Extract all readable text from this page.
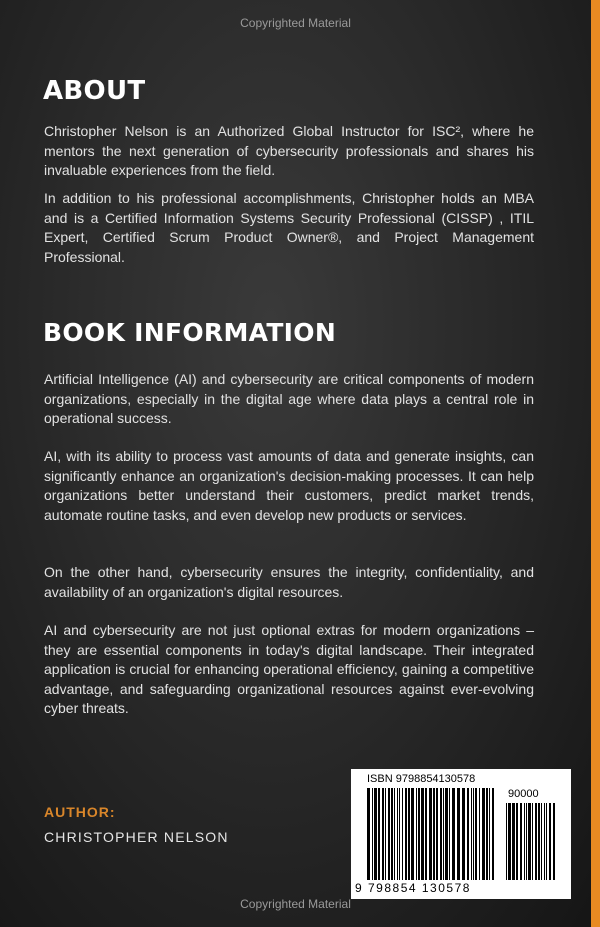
Copyrighted Material
ABOUT

Christopher Nelson is an Authorized Global Instructor for ISC², where he mentors the next generation of cybersecurity professionals and shares his invaluable experiences from the field.

In addition to his professional accomplishments, Christopher holds an MBA and is a Certified Information Systems Security Professional (CISSP) , ITIL Expert, Certified Scrum Product Owner®, and Project Management Professional.

BOOK INFORMATION

Artificial Intelligence (AI) and cybersecurity are critical components of modern organizations, especially in the digital age where data plays a central role in operational success.

AI, with its ability to process vast amounts of data and generate insights, can significantly enhance an organization's decision-making processes. It can help organizations better understand their customers, predict market trends, automate routine tasks, and even develop new products or services.

On the other hand, cybersecurity ensures the integrity, confidentiality, and availability of an organization's digital resources.

AI and cybersecurity are not just optional extras for modern organizations – they are essential components in today's digital landscape. Their integrated application is crucial for enhancing operational efficiency, gaining a competitive advantage, and safeguarding organizational resources against ever-evolving cyber threats.

AUTHOR:
CHRISTOPHER NELSON
ISBN 9798854130578
90000
9 798854 130578
Copyrighted Material
